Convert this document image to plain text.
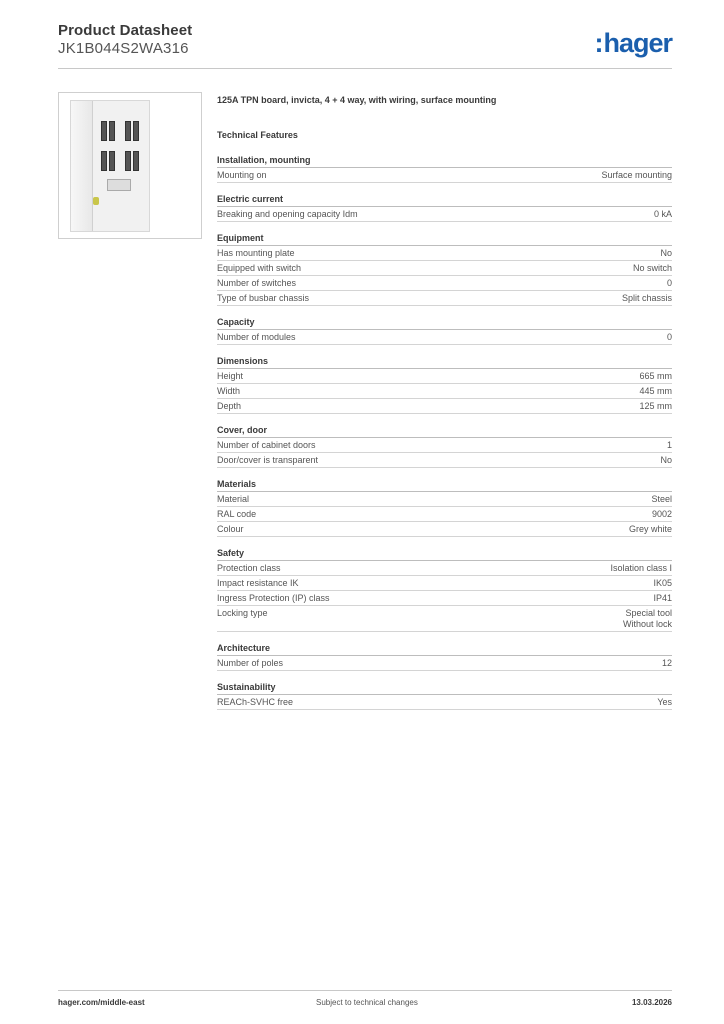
Product Datasheet
JK1B044S2WA316	:hager
125A TPN board, invicta, 4 + 4 way, with wiring, surface mounting
Technical Features
Installation, mounting
Mounting on	Surface mounting
Electric current
Breaking and opening capacity Idm	0 kA
Equipment
Has mounting plate	No
Equipped with switch	No switch
Number of switches	0
Type of busbar chassis	Split chassis
Capacity
Number of modules	0
Dimensions
Height	665 mm
Width	445 mm
Depth	125 mm
Cover, door
Number of cabinet doors	1
Door/cover is transparent	No
Materials
Material	Steel
RAL code	9002
Colour	Grey white
Safety
Protection class	Isolation class I
Impact resistance IK	IK05
Ingress Protection (IP) class	IP41
Locking type	Special tool
Without lock
Architecture
Number of poles	12
Sustainability
REACh-SVHC free	Yes
hager.com/middle-east	Subject to technical changes	13.03.2026
